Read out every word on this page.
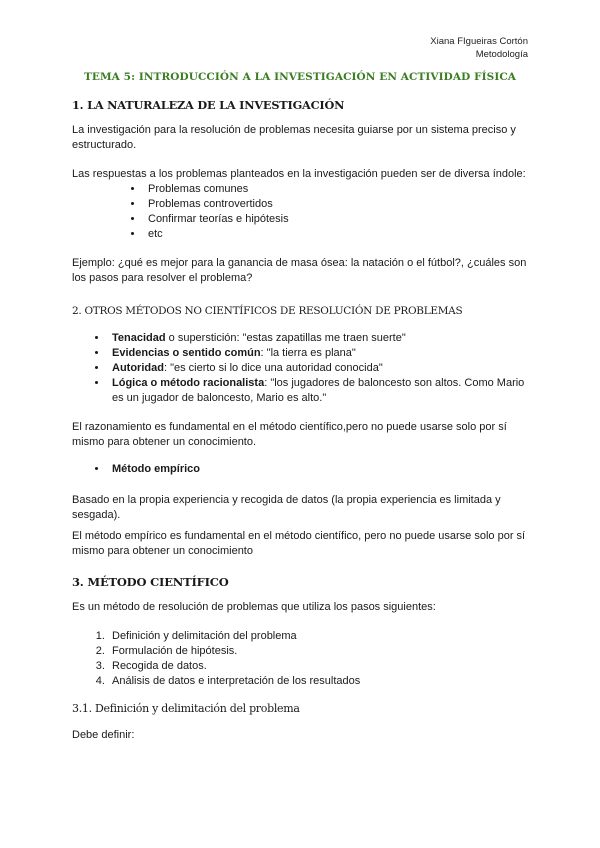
Xiana FIgueiras Cortón
Metodología
TEMA 5: INTRODUCCIÓN A LA INVESTIGACIÓN EN ACTIVIDAD FÍSICA
1. LA NATURALEZA DE LA INVESTIGACIÓN

La investigación para la resolución de problemas necesita guiarse por un sistema preciso y estructurado.

Las respuestas a los problemas planteados en la investigación pueden ser de diversa índole:

• Problemas comunes
• Problemas controvertidos
• Confirmar teorías e hipótesis
• etc

Ejemplo: ¿qué es mejor para la ganancia de masa ósea: la natación o el fútbol?, ¿cuáles son los pasos para resolver el problema?

2. OTROS MÉTODOS NO CIENTÍFICOS DE RESOLUCIÓN DE PROBLEMAS
• Tenacidad o superstición: "estas zapatillas me traen suerte"
• Evidencias o sentido común: "la tierra es plana"
• Autoridad: "es cierto si lo dice una autoridad conocida"
• Lógica o método racionalista: "los jugadores de baloncesto son altos. Como Mario es un jugador de baloncesto, Mario es alto."

El razonamiento es fundamental en el método científico,pero no puede usarse solo por sí mismo para obtener un conocimiento.

• Método empírico

Basado en la propia experiencia y recogida de datos (la propia experiencia es limitada y sesgada).

El método empírico es fundamental en el método científico, pero no puede usarse solo por sí mismo para obtener un conocimiento

3. MÉTODO CIENTÍFICO

Es un método de resolución de problemas que utiliza los pasos siguientes:

1. Definición y delimitación del problema
2. Formulación de hipótesis.
3. Recogida de datos.
4. Análisis de datos e interpretación de los resultados
3.1. Definición y delimitación del problema

Debe definir:
